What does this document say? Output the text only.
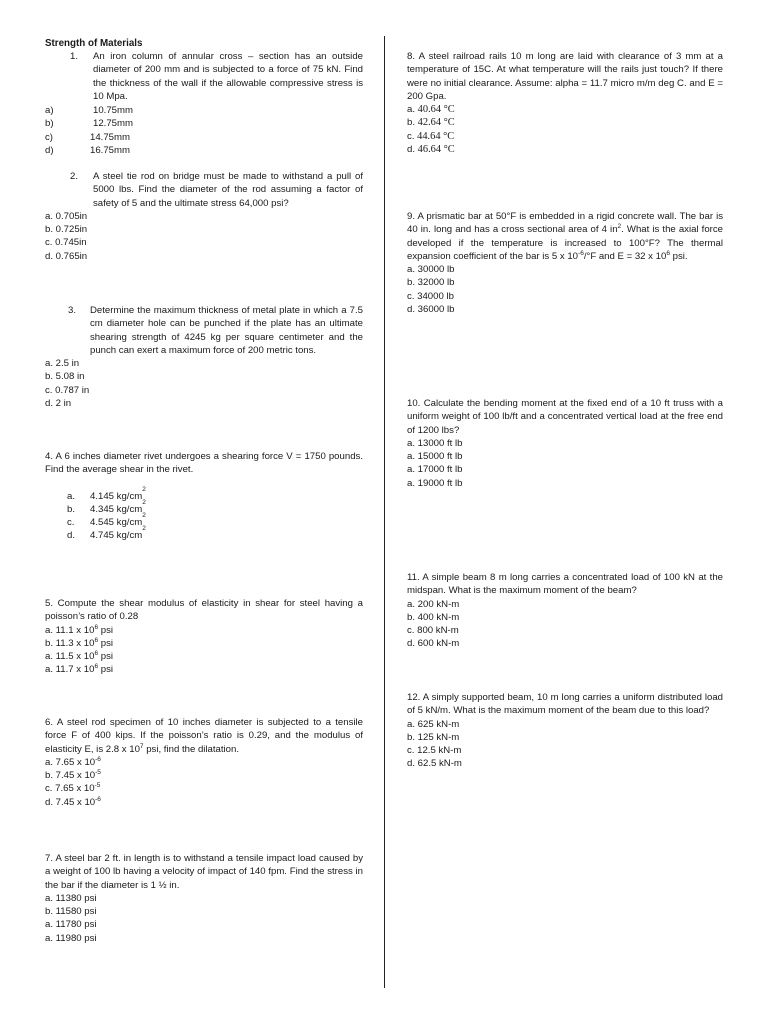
Strength of Materials

1.	An iron column of annular cross – section has an outside diameter of 200 mm and is subjected to a force of 75 kN. Find the thickness of the wall if the allowable compressive stress is 10 Mpa.
a)	10.75mm
b)	12.75mm
c)	14.75mm
d)	16.75mm
2.	A steel tie rod on bridge must be made to withstand a pull of 5000 lbs. Find the diameter of the rod assuming a factor of safety of 5 and the ultimate stress 64,000 psi?
a. 0.705in
b. 0.725in
c. 0.745in
d. 0.765in
3.	Determine the maximum thickness of metal plate in which a 7.5 cm diameter hole can be punched if the plate has an ultimate shearing strength of 4245 kg per square centimeter and the punch can exert a maximum force of 200 metric tons.
a. 2.5 in
b. 5.08 in
c. 0.787 in
d. 2 in

4. A 6 inches diameter rivet undergoes a shearing force V = 1750 pounds. Find the average shear in the rivet.

a.	4.145 kg/cm
2
b.	4.345 kg/cm
2
c.	4.545 kg/cm
2
d.	4.745 kg/cm
2

5. Compute the shear modulus of elasticity in shear for steel having a poisson’s ratio of 0.28

a. 11.1 x $10^6$ psi
b. 11.3 x $10^6$ psi
a. 11.5 x $10^6$ psi
a. 11.7 x $10^6$ psi

6. A steel rod specimen of 10 inches diameter is subjected to a tensile force F of 400 kips. If the poisson’s ratio is 0.29, and the modulus of elasticity E, is 2.8 x $10^7$ psi, find the dilatation.

a. 7.65 x $10^{-6}$
b. 7.45 x $10^{-5}$
c. 7.65 x $10^{-5}$
d. 7.45 x $10^{-6}$

7. A steel bar 2 ft. in length is to withstand a tensile impact load caused by a weight of 100 lb having a velocity of impact of 140 fpm. Find the stress in the bar if the diameter is 1 ½ in.

a. 11380 psi
b. 11580 psi
a. 11780 psi
a. 11980 psi

8. A steel railroad rails 10 m long are laid with clearance of 3 mm at a temperature of 15C. At what temperature will the rails just touch? If there were no initial clearance. Assume: alpha = 11.7 micro m/m deg C. and E = 200 Gpa.

a. 40.64 °C
b. 42.64 °C
c. 44.64 °C
d. 46.64 °C

9. A prismatic bar at 50°F is embedded in a rigid concrete wall. The bar is 40 in. long and has a cross sectional area of 4 $in^2$. What is the axial force developed if the temperature is increased to 100°F? The thermal expansion coefficient of the bar is 5 x $10^{-6}/^\circ F$ and E = 32 x $10^6$ psi.

a. 30000 lb
b. 32000 lb
c. 34000 lb
d. 36000 lb

10. Calculate the bending moment at the fixed end of a 10 ft truss with a uniform weight of 100 lb/ft and a concentrated vertical load at the free end of 1200 lbs?

a. 13000 ft lb
a. 15000 ft lb
a. 17000 ft lb
a. 19000 ft lb

11. A simple beam 8 m long carries a concentrated load of 100 kN at the midspan. What is the maximum moment of the beam?

a. 200 kN-m
b. 400 kN-m
c. 800 kN-m
d. 600 kN-m

12. A simply supported beam, 10 m long carries a uniform distributed load of 5 kN/m. What is the maximum moment of the beam due to this load?

a. 625 kN-m
b. 125 kN-m
c. 12.5 kN-m
d. 62.5 kN-m
